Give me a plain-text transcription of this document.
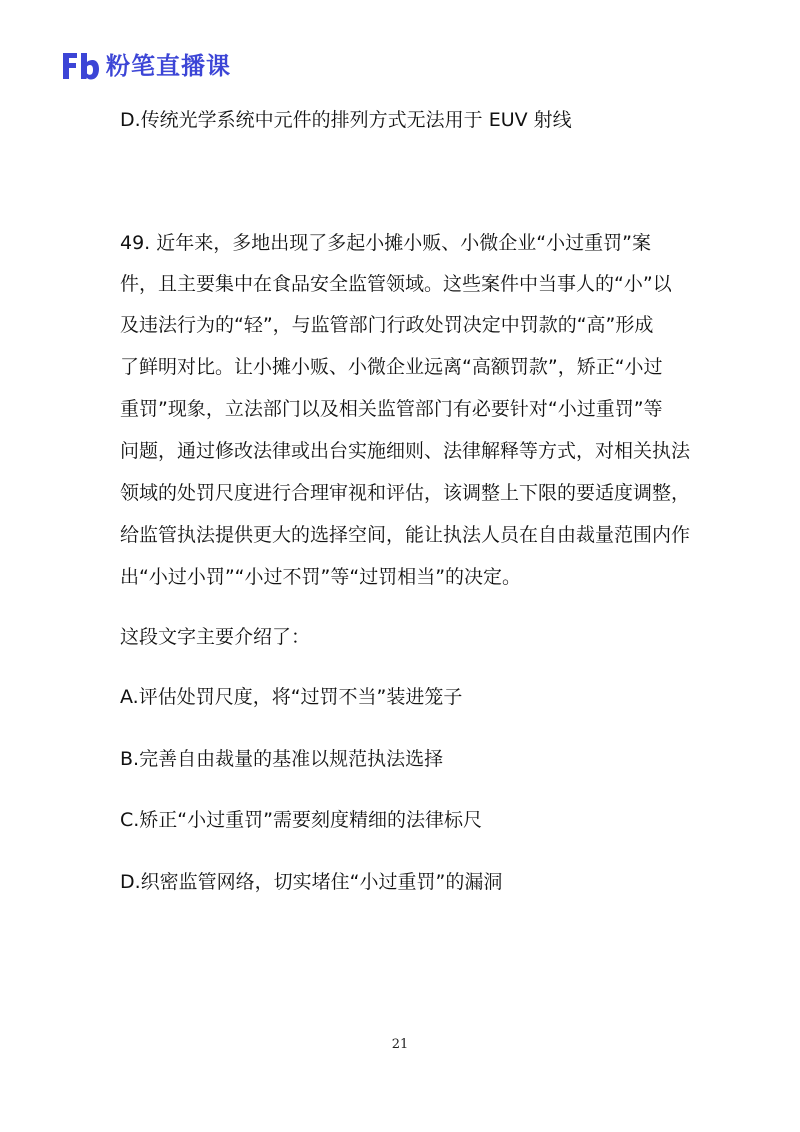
粉笔直播课
D.传统光学系统中元件的排列方式无法用于 EUV 射线
49. 近年来，多地出现了多起小摊小贩、小微企业“小过重罚”案
件，且主要集中在食品安全监管领域。这些案件中当事人的“小”以
及违法行为的“轻”，与监管部门行政处罚决定中罚款的“高”形成
了鲜明对比。让小摊小贩、小微企业远离“高额罚款”，矫正“小过
重罚”现象，立法部门以及相关监管部门有必要针对“小过重罚”等
问题，通过修改法律或出台实施细则、法律解释等方式，对相关执法
领域的处罚尺度进行合理审视和评估，该调整上下限的要适度调整，
给监管执法提供更大的选择空间，能让执法人员在自由裁量范围内作
出“小过小罚”“小过不罚”等“过罚相当”的决定。
这段文字主要介绍了：
A.评估处罚尺度，将“过罚不当”装进笼子
B.完善自由裁量的基准以规范执法选择
C.矫正“小过重罚”需要刻度精细的法律标尺
D.织密监管网络，切实堵住“小过重罚”的漏洞
21
